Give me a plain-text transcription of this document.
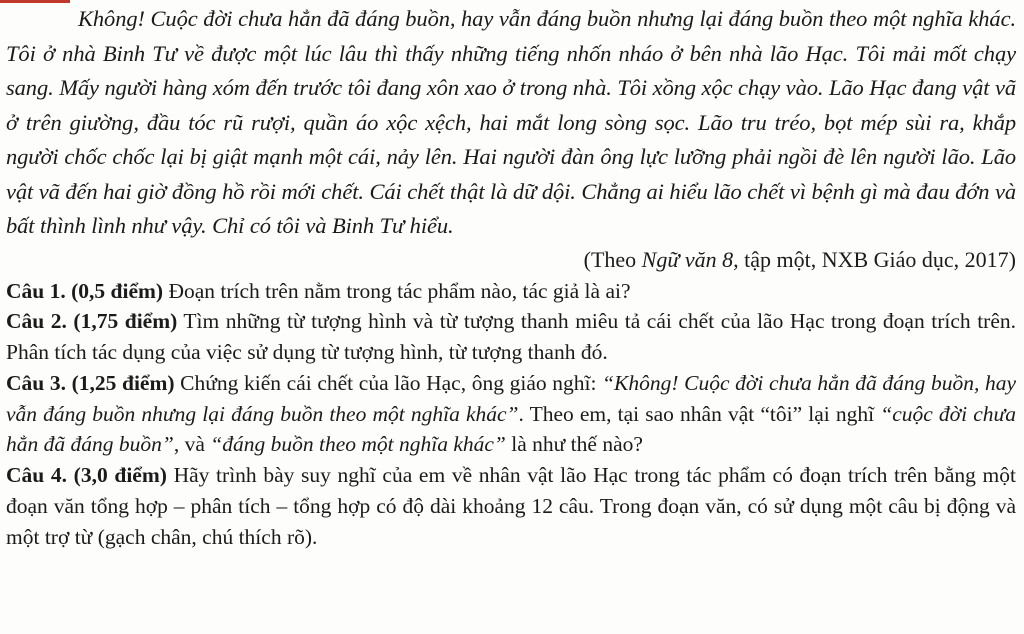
Không! Cuộc đời chưa hẳn đã đáng buồn, hay vẫn đáng buồn nhưng lại đáng buồn theo một nghĩa khác. Tôi ở nhà Binh Tư về được một lúc lâu thì thấy những tiếng nhốn nháo ở bên nhà lão Hạc. Tôi mải mốt chạy sang. Mấy người hàng xóm đến trước tôi đang xôn xao ở trong nhà. Tôi xồng xộc chạy vào. Lão Hạc đang vật vã ở trên giường, đầu tóc rũ rượi, quần áo xộc xệch, hai mắt long sòng sọc. Lão tru tréo, bọt mép sùi ra, khắp người chốc chốc lại bị giật mạnh một cái, nảy lên. Hai người đàn ông lực lưỡng phải ngồi đè lên người lão. Lão vật vã đến hai giờ đồng hồ rồi mới chết. Cái chết thật là dữ dội. Chẳng ai hiểu lão chết vì bệnh gì mà đau đớn và bất thình lình như vậy. Chỉ có tôi và Binh Tư hiểu.

(Theo Ngữ văn 8, tập một, NXB Giáo dục, 2017)

Câu 1. (0,5 điểm) Đoạn trích trên nằm trong tác phẩm nào, tác giả là ai?

Câu 2. (1,75 điểm) Tìm những từ tượng hình và từ tượng thanh miêu tả cái chết của lão Hạc trong đoạn trích trên. Phân tích tác dụng của việc sử dụng từ tượng hình, từ tượng thanh đó.

Câu 3. (1,25 điểm) Chứng kiến cái chết của lão Hạc, ông giáo nghĩ: “Không! Cuộc đời chưa hẳn đã đáng buồn, hay vẫn đáng buồn nhưng lại đáng buồn theo một nghĩa khác”. Theo em, tại sao nhân vật “tôi” lại nghĩ “cuộc đời chưa hẳn đã đáng buồn”, và “đáng buồn theo một nghĩa khác” là như thế nào?

Câu 4. (3,0 điểm) Hãy trình bày suy nghĩ của em về nhân vật lão Hạc trong tác phẩm có đoạn trích trên bằng một đoạn văn tổng hợp – phân tích – tổng hợp có độ dài khoảng 12 câu. Trong đoạn văn, có sử dụng một câu bị động và một trợ từ (gạch chân, chú thích rõ).
